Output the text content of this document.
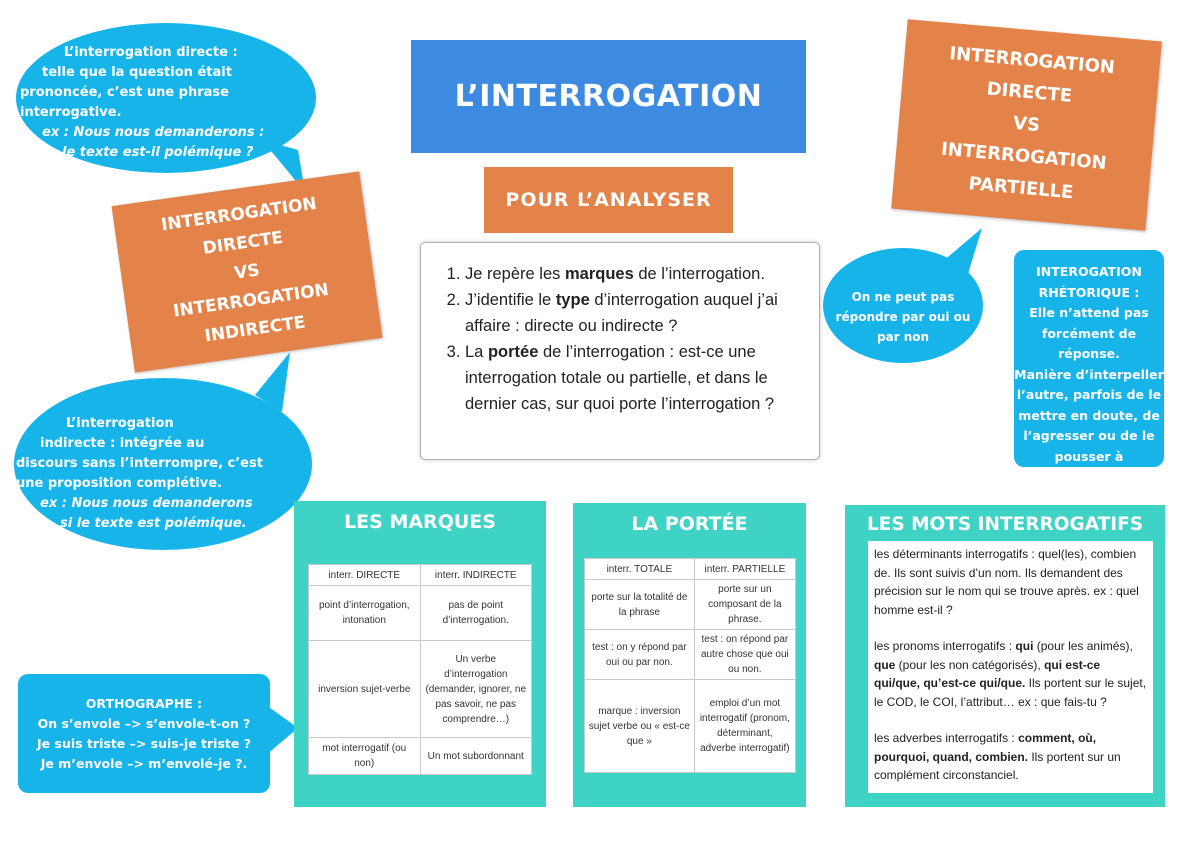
L’INTERROGATION
POUR L’ANALYSER
1. Je repère les marques de l’interrogation.
2. J’identifie le type d’interrogation auquel j’ai affaire : directe ou indirecte ?
3. La portée de l’interrogation : est-ce une interrogation totale ou partielle, et dans le dernier cas, sur quoi porte l’interrogation ?
INTERROGATION
DIRECTE
VS
INTERROGATION
INDIRECTE
INTERROGATION
DIRECTE
VS
INTERROGATION
PARTIELLE
L’interrogation directe :
telle que la question était
prononcée, c’est une phrase
interrogative.
ex : Nous nous demanderons :
le texte est-il polémique ?
L’interrogation
indirecte : intégrée au
discours sans l’interrompre, c’est
une proposition complétive.
ex : Nous nous demanderons
si le texte est polémique.
On ne peut pas
répondre par oui ou
par non
INTEROGATION
RHÉTORIQUE :
Elle n’attend pas
forcément de réponse.
Manière d’interpeller
l’autre, parfois de le
mettre en doute, de
l’agresser ou de le
pousser à
l’introspection…
ORTHOGRAPHE :
On s’envole –> s’envole-t-on ?
Je suis triste –> suis-je triste ?
Je m’envole –> m’envolé-je ?.
LES MARQUES
interr. DIRECTE	interr. INDIRECTE
point d’interrogation, intonation	pas de point d’interrogation.
inversion sujet-verbe	Un verbe d’interrogation (demander, ignorer, ne pas savoir, ne pas comprendre…)
mot interrogatif (ou non)	Un mot subordonnant
LA PORTÉE
interr. TOTALE	interr. PARTIELLE
porte sur la totalité de la phrase	porte sur un composant de la phrase.
test : on y répond par oui ou par non.	test : on répond par autre chose que oui ou non.
marque : inversion sujet verbe ou « est-ce que »	emploi d’un mot interrogatif (pronom, déterminant, adverbe interrogatif)
LES MOTS INTERROGATIFS

les déterminants interrogatifs : quel(les), combien de. Ils sont suivis d’un nom. Ils demandent des précision sur le nom qui se trouve après. ex : quel homme est-il ?

les pronoms interrogatifs : qui (pour les animés), que (pour les non catégorisés), qui est-ce qui/que, qu’est-ce qui/que. Ils portent sur le sujet, le COD, le COI, l’attribut… ex : que fais-tu ?

les adverbes interrogatifs : comment, où, pourquoi, quand, combien. Ils portent sur un complément circonstanciel.
